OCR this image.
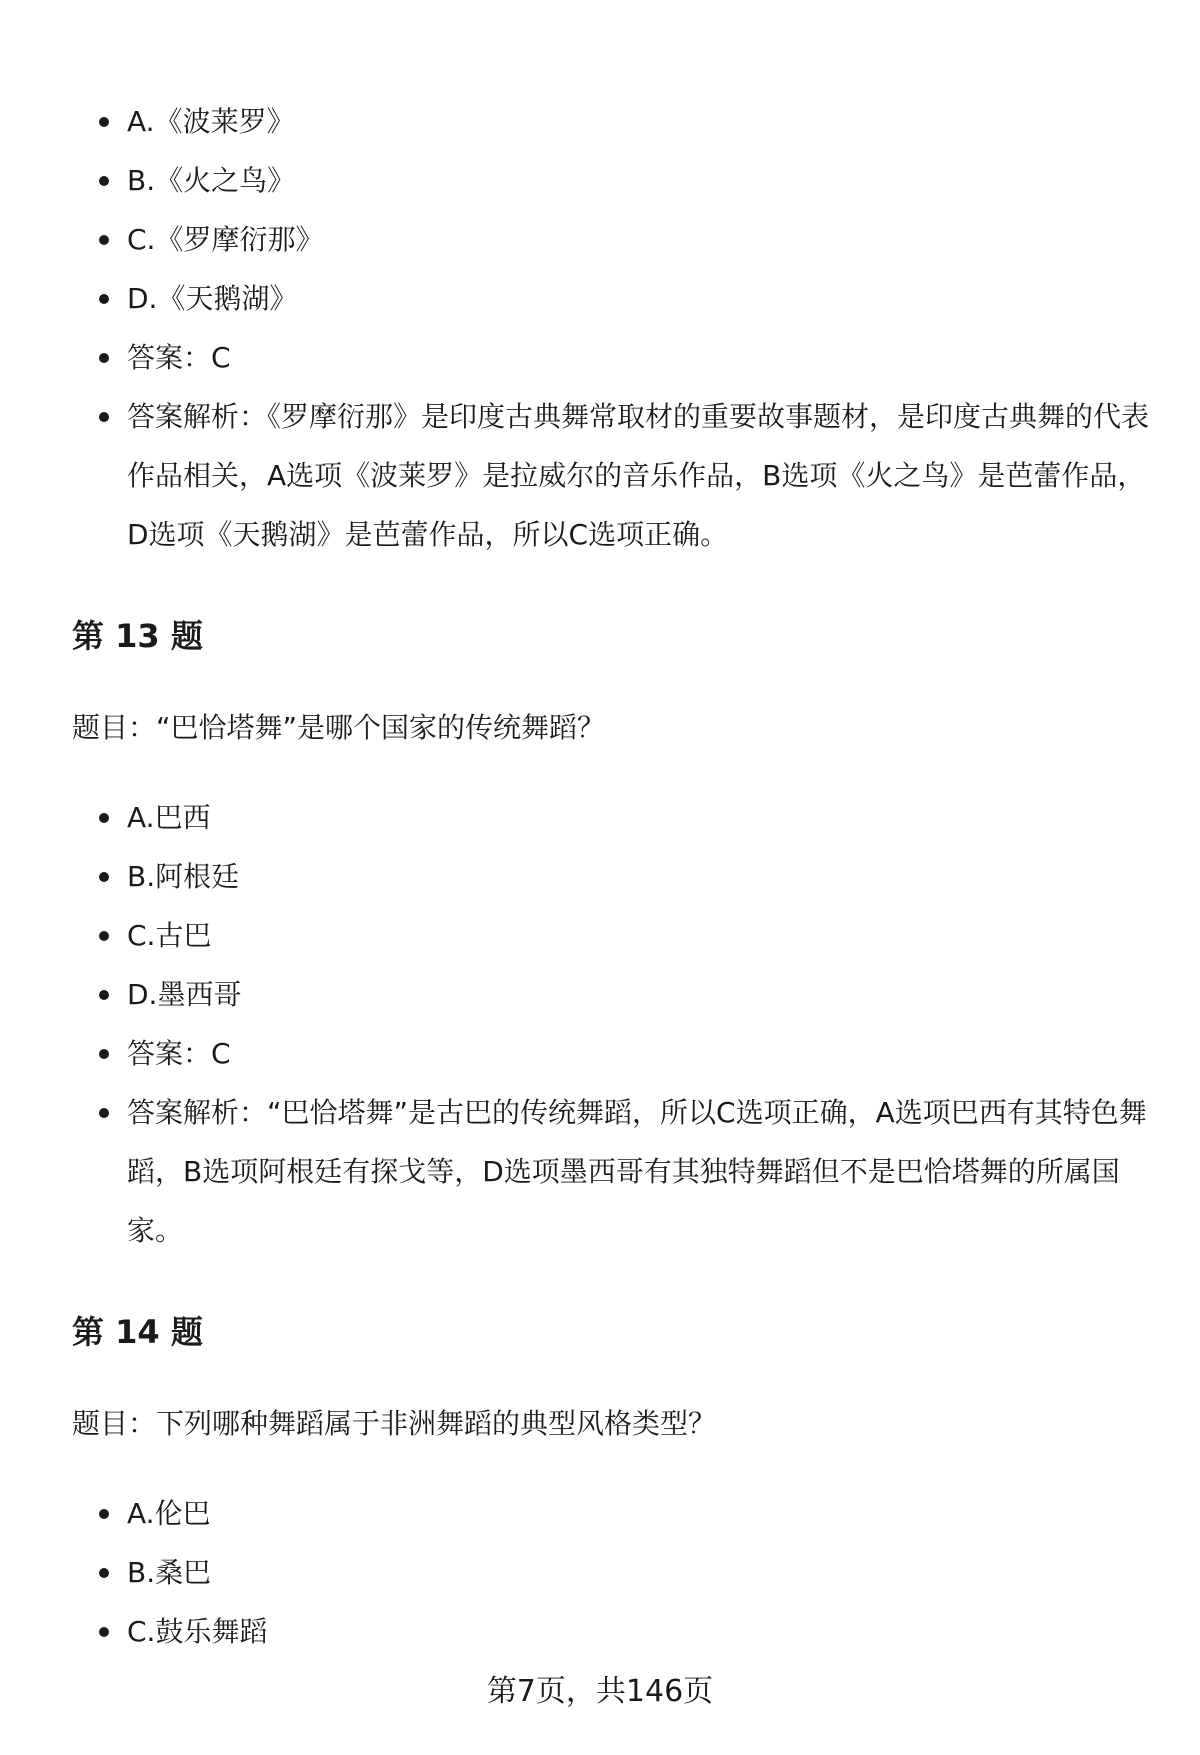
A.《波莱罗》
B.《火之鸟》
C.《罗摩衍那》
D.《天鹅湖》
答案：C
答案解析：《罗摩衍那》是印度古典舞常取材的重要故事题材，是印度古典舞的代表作品相关，A选项《波莱罗》是拉威尔的音乐作品，B选项《火之鸟》是芭蕾作品，D选项《天鹅湖》是芭蕾作品，所以C选项正确。
第 13 题
题目：“巴恰塔舞”是哪个国家的传统舞蹈？
A.巴西
B.阿根廷
C.古巴
D.墨西哥
答案：C
答案解析：“巴恰塔舞”是古巴的传统舞蹈，所以C选项正确，A选项巴西有其特色舞蹈，B选项阿根廷有探戈等，D选项墨西哥有其独特舞蹈但不是巴恰塔舞的所属国家。
第 14 题
题目：下列哪种舞蹈属于非洲舞蹈的典型风格类型？
A.伦巴
B.桑巴
C.鼓乐舞蹈
第7页，共146页
